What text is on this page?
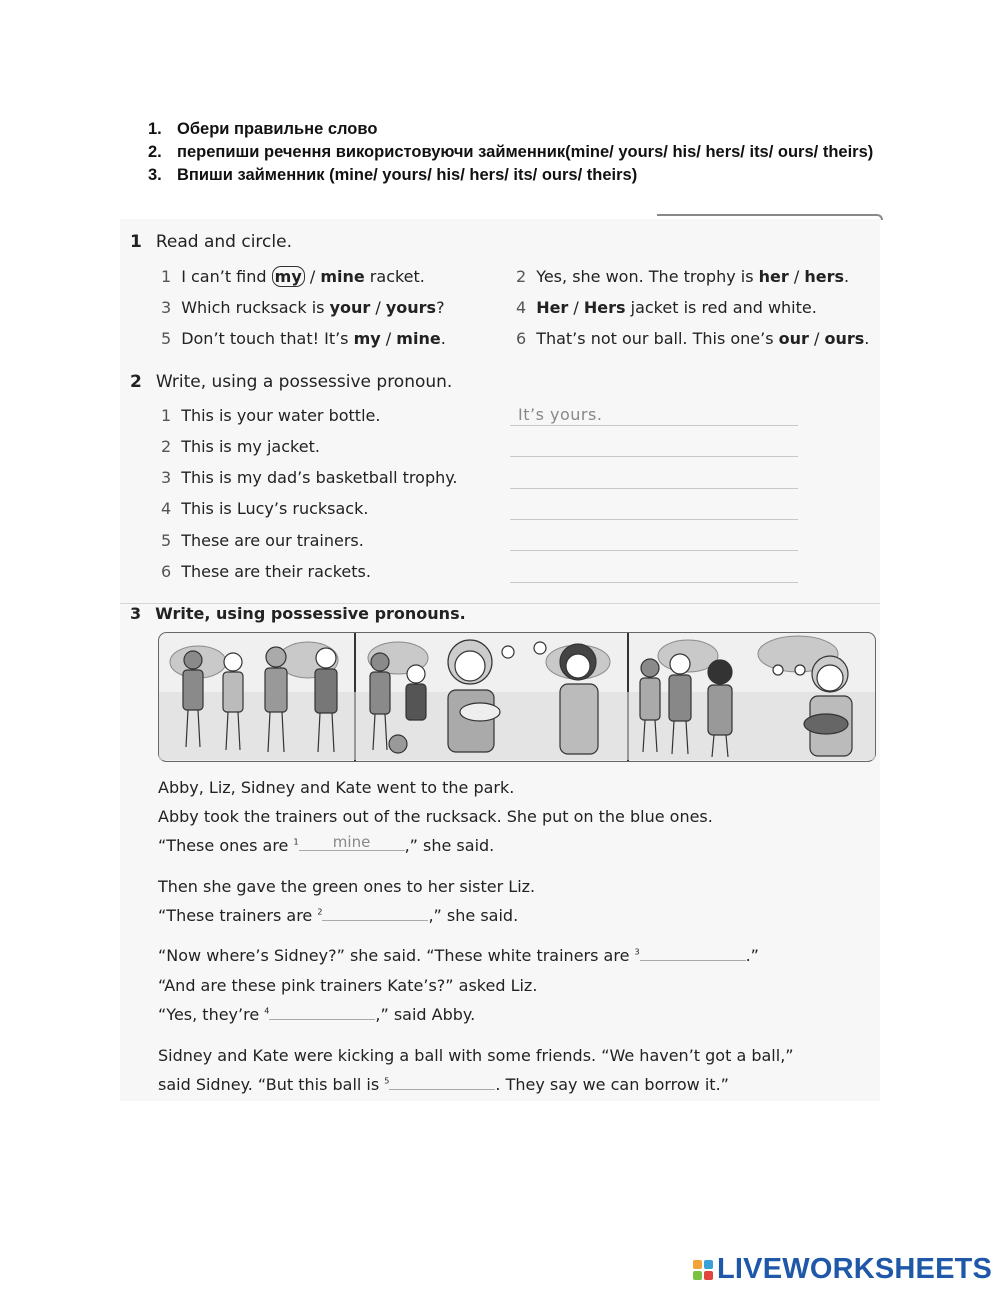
1. Обери правильне слово
2. перепиши речення використовуючи займенник(mine/ yours/ his/ hers/ its/ ours/ theirs)
3. Впиши займенник (mine/ yours/ his/ hers/ its/ ours/ theirs)
1 Read and circle.
1 I can’t find my / mine racket.	2 Yes, she won. The trophy is her / hers.
3 Which rucksack is your / yours?	4 Her / Hers jacket is red and white.
5 Don’t touch that! It’s my / mine.	6 That’s not our ball. This one’s our / ours.
2 Write, using a possessive pronoun.
1 This is your water bottle.	It’s yours.
2 This is my jacket.
3 This is my dad’s basketball trophy.
4 This is Lucy’s rucksack.
5 These are our trainers.
6 These are their rackets.
3 Write, using possessive pronouns.
Abby, Liz, Sidney and Kate went to the park.
Abby took the trainers out of the rucksack. She put on the blue ones.
“These ones are $^1$	mine	,” she said.
Then she gave the green ones to her sister Liz.
“These trainers are $^2$	,” she said.
“Now where’s Sidney?” she said. “These white trainers are $^3$	.”
“And are these pink trainers Kate’s?” asked Liz.
“Yes, they’re $^4$	,” said Abby.
Sidney and Kate were kicking a ball with some friends. “We haven’t got a ball,”
said Sidney. “But this ball is $^5$	. They say we can borrow it.”
LIVEWORKSHEETS
